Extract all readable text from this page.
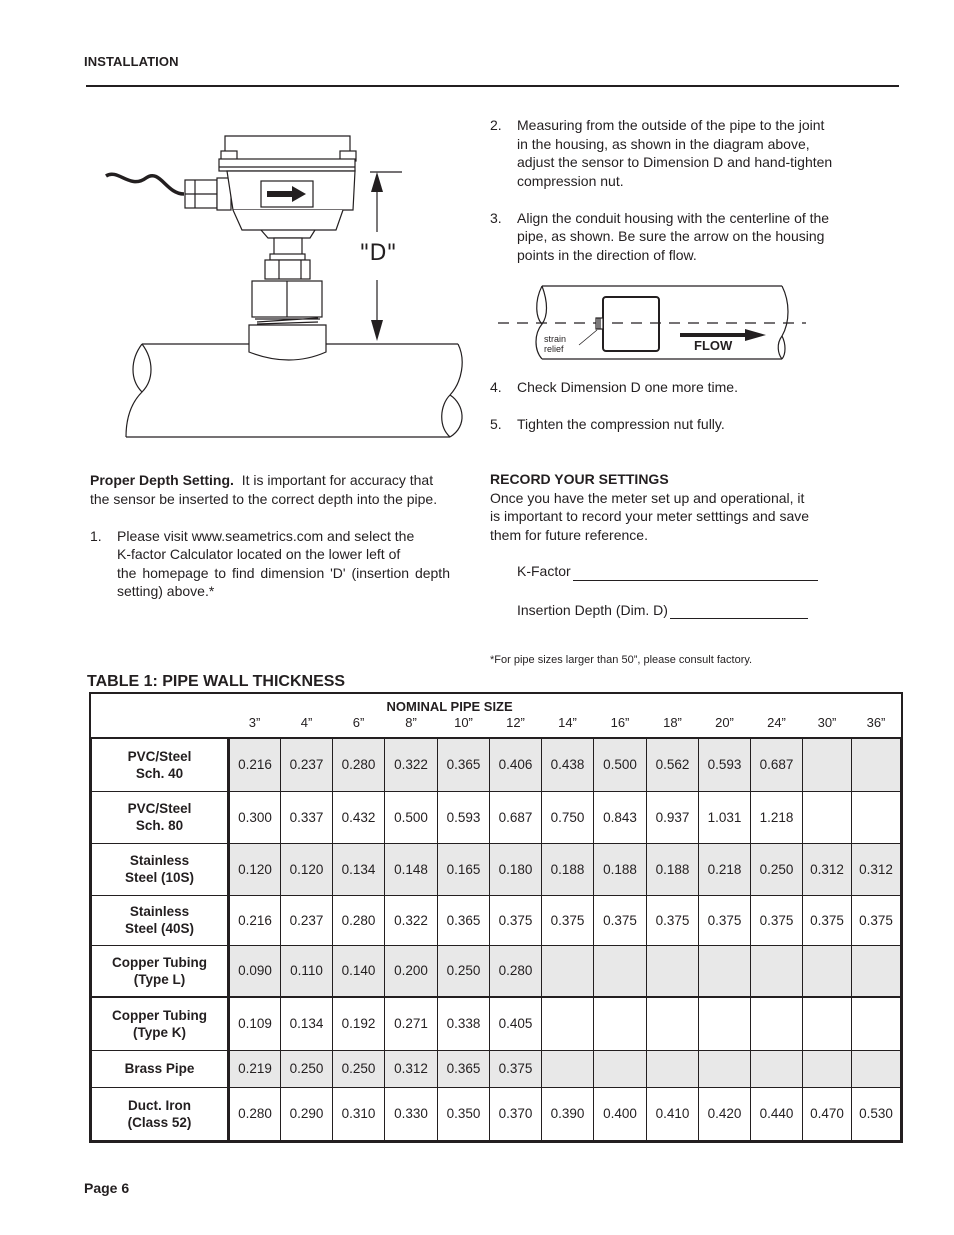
INSTALLATION
"D"
2. Measuring from the outside of the pipe to the joint
in the housing, as shown in the diagram above,
adjust the sensor to Dimension D and hand-tighten
compression nut.
3. Align the conduit housing with the centerline of the
pipe, as shown. Be sure the arrow on the housing
points in the direction of flow.
strain
relief	FLOW
4. Check Dimension D one more time.
5. Tighten the compression nut fully.
Proper Depth Setting. It is important for accuracy that
the sensor be inserted to the correct depth into the pipe.
1. Please visit www.seametrics.com and select the
K-factor Calculator located on the lower left of
the homepage to find dimension 'D' (insertion depth
setting) above.*
RECORD YOUR SETTINGS
Once you have the meter set up and operational, it
is important to record your meter setttings and save
them for future reference.
K-Factor
Insertion Depth (Dim. D)
*For pipe sizes larger than 50”, please consult factory.
TABLE 1: PIPE WALL THICKNESS
	NOMINAL PIPE SIZE												
	3”	4”	6”	8”	10”	12”	14”	16”	18”	20”	24”	30”	36”

PVC/Steel
Sch. 40	0.216	0.237	0.280	0.322	0.365	0.406	0.438	0.500	0.562	0.593	0.687		

PVC/Steel
Sch. 80	0.300	0.337	0.432	0.500	0.593	0.687	0.750	0.843	0.937	1.031	1.218		

Stainless
Steel (10S)	0.120	0.120	0.134	0.148	0.165	0.180	0.188	0.188	0.188	0.218	0.250	0.312	0.312

Stainless
Steel (40S)	0.216	0.237	0.280	0.322	0.365	0.375	0.375	0.375	0.375	0.375	0.375	0.375	0.375

Copper Tubing
(Type L)	0.090	0.110	0.140	0.200	0.250	0.280							

Copper Tubing
(Type K)	0.109	0.134	0.192	0.271	0.338	0.405							

Brass Pipe	0.219	0.250	0.250	0.312	0.365	0.375							

Duct. Iron
(Class 52)	0.280	0.290	0.310	0.330	0.350	0.370	0.390	0.400	0.410	0.420	0.440	0.470	0.530
Page 6
